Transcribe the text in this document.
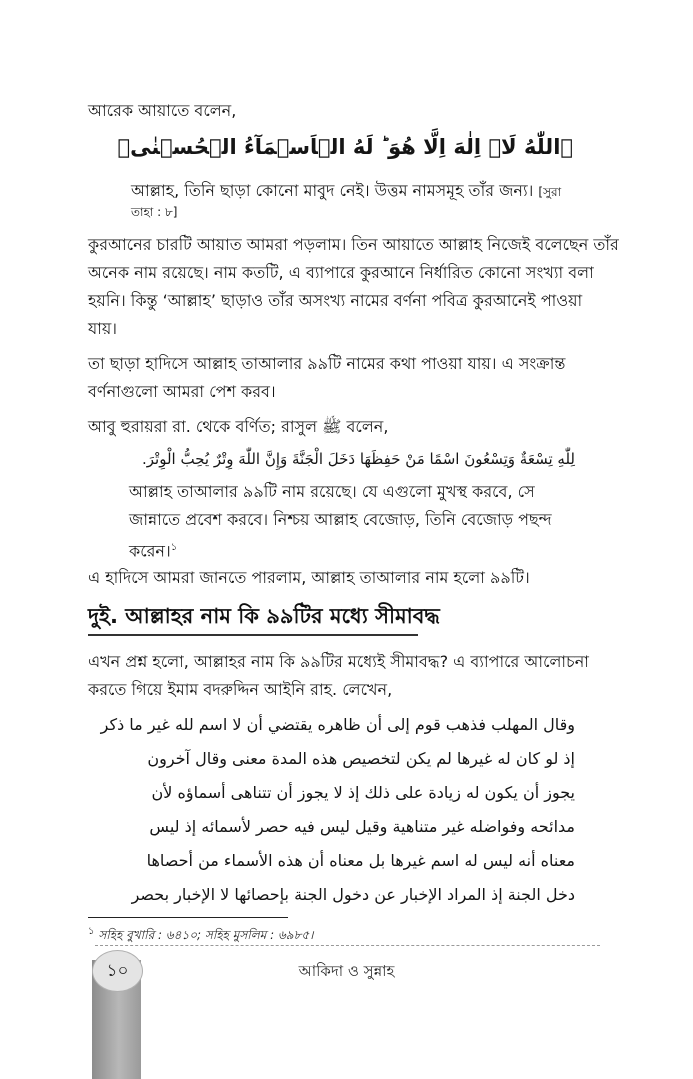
আরেক আয়াতে বলেন,

﴿اللّٰهُ لَاۤ اِلٰهَ اِلَّا هُوَ ؕ لَهُ الۡاَسۡمَآءُ الۡحُسۡنٰی﴾

আল্লাহ, তিনি ছাড়া কোনো মাবুদ নেই। উত্তম নামসমূহ তাঁর জন্য। [সুরা

তাহা : ৮]

কুরআনের চারটি আয়াত আমরা পড়লাম। তিন আয়াতে আল্লাহ নিজেই বলেছেন তাঁর

অনেক নাম রয়েছে। নাম কতটি, এ ব্যাপারে কুরআনে নির্ধারিত কোনো সংখ্যা বলা

হয়নি। কিন্তু ‘আল্লাহ’ ছাড়াও তাঁর অসংখ্য নামের বর্ণনা পবিত্র কুরআনেই পাওয়া

যায়।

তা ছাড়া হাদিসে আল্লাহ তাআলার ৯৯টি নামের কথা পাওয়া যায়। এ সংক্রান্ত

বর্ণনাগুলো আমরা পেশ করব।

আবু হুরায়রা রা. থেকে বর্ণিত; রাসুল ﷺ বলেন,

لِلّٰهِ تِسْعَةٌ وَتِسْعُونَ اسْمًا مَنْ حَفِظَهَا دَخَلَ الْجَنَّةَ وَإِنَّ اللّٰهَ وِتْرٌ يُحِبُّ الْوِتْرَ.

আল্লাহ তাআলার ৯৯টি নাম রয়েছে। যে এগুলো মুখস্থ করবে, সে

জান্নাতে প্রবেশ করবে। নিশ্চয় আল্লাহ বেজোড়, তিনি বেজোড় পছন্দ

করেন।$^১$

এ হাদিসে আমরা জানতে পারলাম, আল্লাহ তাআলার নাম হলো ৯৯টি।

দুই. আল্লাহর নাম কি ৯৯টির মধ্যে সীমাবদ্ধ

এখন প্রশ্ন হলো, আল্লাহর নাম কি ৯৯টির মধ্যেই সীমাবদ্ধ? এ ব্যাপারে আলোচনা

করতে গিয়ে ইমাম বদরুদ্দিন আইনি রাহ. লেখেন,

وقال المهلب فذهب قوم إلى أن ظاهره يقتضي أن لا اسم لله غير ما ذكر

إذ لو كان له غيرها لم يكن لتخصيص هذه المدة معنى وقال آخرون

يجوز أن يكون له زيادة على ذلك إذ لا يجوز أن تتناهى أسماؤه لأن

مدائحه وفواضله غير متناهية وقيل ليس فيه حصر لأسمائه إذ ليس

معناه أنه ليس له اسم غيرها بل معناه أن هذه الأسماء من أحصاها

دخل الجنة إذ المراد الإخبار عن دخول الجنة بإحصائها لا الإخبار بحصر

$^১$ সহিহ বুখারি : ৬৪১০; সহিহ মুসলিম : ৬৯৮৫।
১০	আকিদা ও সুন্নাহ
